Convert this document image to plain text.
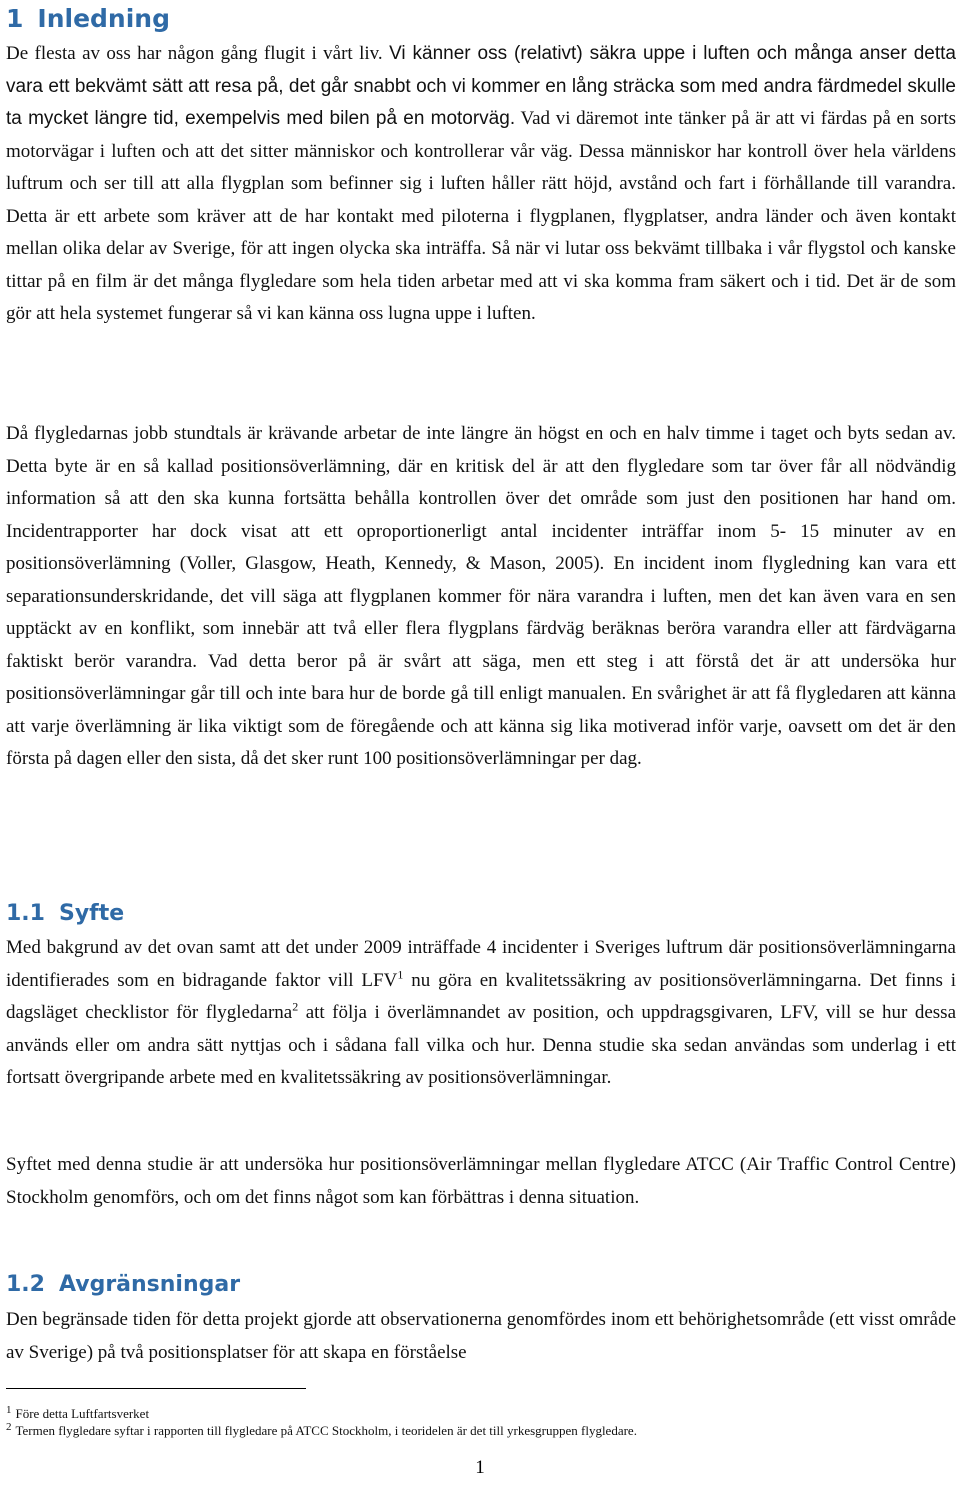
1 Inledning

De flesta av oss har någon gång flugit i vårt liv. Vi känner oss (relativt) säkra uppe i luften och många anser detta vara ett bekvämt sätt att resa på, det går snabbt och vi kommer en lång sträcka som med andra färdmedel skulle ta mycket längre tid, exempelvis med bilen på en motorväg. Vad vi däremot inte tänker på är att vi färdas på en sorts motorvägar i luften och att det sitter människor och kontrollerar vår väg. Dessa människor har kontroll över hela världens luftrum och ser till att alla flygplan som befinner sig i luften håller rätt höjd, avstånd och fart i förhållande till varandra. Detta är ett arbete som kräver att de har kontakt med piloterna i flygplanen, flygplatser, andra länder och även kontakt mellan olika delar av Sverige, för att ingen olycka ska inträffa. Så när vi lutar oss bekvämt tillbaka i vår flygstol och kanske tittar på en film är det många flygledare som hela tiden arbetar med att vi ska komma fram säkert och i tid. Det är de som gör att hela systemet fungerar så vi kan känna oss lugna uppe i luften.

Då flygledarnas jobb stundtals är krävande arbetar de inte längre än högst en och en halv timme i taget och byts sedan av. Detta byte är en så kallad positionsöverlämning, där en kritisk del är att den flygledare som tar över får all nödvändig information så att den ska kunna fortsätta behålla kontrollen över det område som just den positionen har hand om. Incidentrapporter har dock visat att ett oproportionerligt antal incidenter inträffar inom 5- 15 minuter av en positionsöverlämning (Voller, Glasgow, Heath, Kennedy, & Mason, 2005). En incident inom flygledning kan vara ett separationsunderskridande, det vill säga att flygplanen kommer för nära varandra i luften, men det kan även vara en sen upptäckt av en konflikt, som innebär att två eller flera flygplans färdväg beräknas beröra varandra eller att färdvägarna faktiskt berör varandra. Vad detta beror på är svårt att säga, men ett steg i att förstå det är att undersöka hur positionsöverlämningar går till och inte bara hur de borde gå till enligt manualen. En svårighet är att få flygledaren att känna att varje överlämning är lika viktigt som de föregående och att känna sig lika motiverad inför varje, oavsett om det är den första på dagen eller den sista, då det sker runt 100 positionsöverlämningar per dag.

1.1 Syfte

Med bakgrund av det ovan samt att det under 2009 inträffade 4 incidenter i Sveriges luftrum där positionsöverlämningarna identifierades som en bidragande faktor vill LFV$^1$ nu göra en kvalitetssäkring av positionsöverlämningarna. Det finns i dagsläget checklistor för flygledarna$^2$ att följa i överlämnandet av position, och uppdragsgivaren, LFV, vill se hur dessa används eller om andra sätt nyttjas och i sådana fall vilka och hur. Denna studie ska sedan användas som underlag i ett fortsatt övergripande arbete med en kvalitetssäkring av positionsöverlämningar.

Syftet med denna studie är att undersöka hur positionsöverlämningar mellan flygledare ATCC (Air Traffic Control Centre) Stockholm genomförs, och om det finns något som kan förbättras i denna situation.

1.2 Avgränsningar

Den begränsade tiden för detta projekt gjorde att observationerna genomfördes inom ett behörighetsområde (ett visst område av Sverige) på två positionsplatser för att skapa en förståelse

$^1$ Före detta Luftfartsverket
$^2$ Termen flygledare syftar i rapporten till flygledare på ATCC Stockholm, i teoridelen är det till yrkesgruppen flygledare.
1
